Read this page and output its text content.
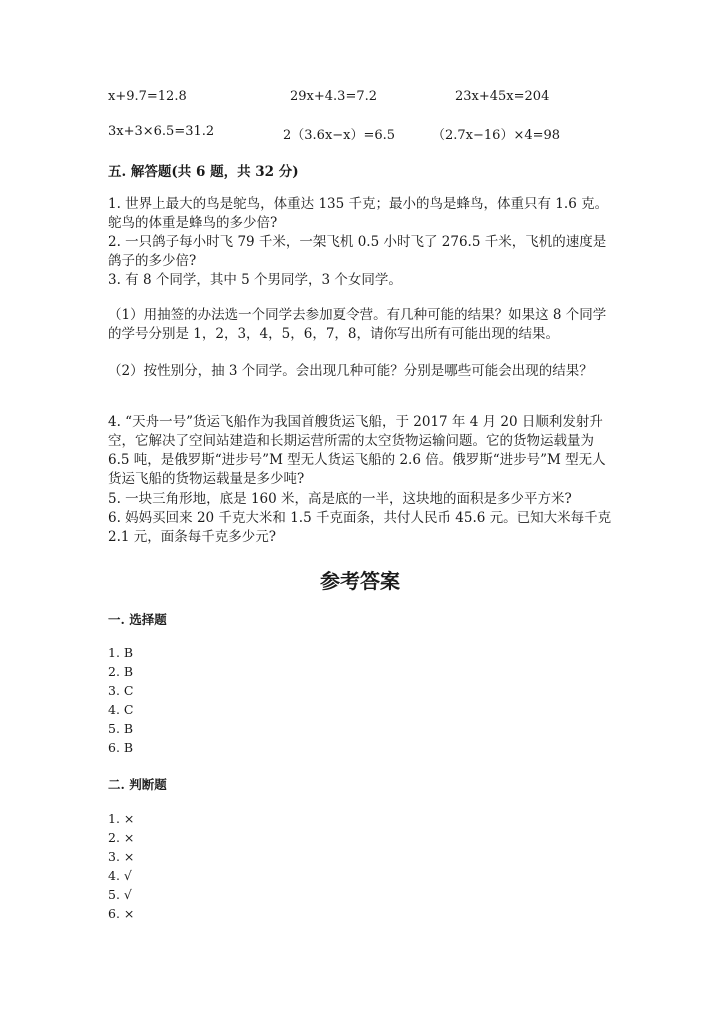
x+9.7=12.8	29x+4.3=7.2	23x+45x=204
3x+3×6.5=31.2	2（3.6x−x）=6.5	（2.7x−16）×4=98
五. 解答题(共 6 题，共 32 分)
1. 世界上最大的鸟是鸵鸟，体重达 135 千克；最小的鸟是蜂鸟，体重只有 1.6 克。鸵鸟的体重是蜂鸟的多少倍?
2. 一只鸽子每小时飞 79 千米，一架飞机 0.5 小时飞了 276.5 千米，飞机的速度是鸽子的多少倍?
3. 有 8 个同学，其中 5 个男同学，3 个女同学。
（1）用抽签的办法选一个同学去参加夏令营。有几种可能的结果？如果这 8 个同学的学号分别是 1，2，3，4，5，6，7，8，请你写出所有可能出现的结果。
（2）按性别分，抽 3 个同学。会出现几种可能？分别是哪些可能会出现的结果？
4. “天舟一号”货运飞船作为我国首艘货运飞船，于 2017 年 4 月 20 日顺利发射升空，它解决了空间站建造和长期运营所需的太空货物运输问题。它的货物运载量为 6.5 吨，是俄罗斯“进步号”M 型无人货运飞船的 2.6 倍。俄罗斯“进步号”M 型无人货运飞船的货物运载量是多少吨?
5. 一块三角形地，底是 160 米，高是底的一半，这块地的面积是多少平方米?
6. 妈妈买回来 20 千克大米和 1.5 千克面条，共付人民币 45.6 元。已知大米每千克 2.1 元，面条每千克多少元?
参考答案
一. 选择题
1. B
2. B
3. C
4. C
5. B
6. B
二. 判断题
1. ×
2. ×
3. ×
4. √
5. √
6. ×
